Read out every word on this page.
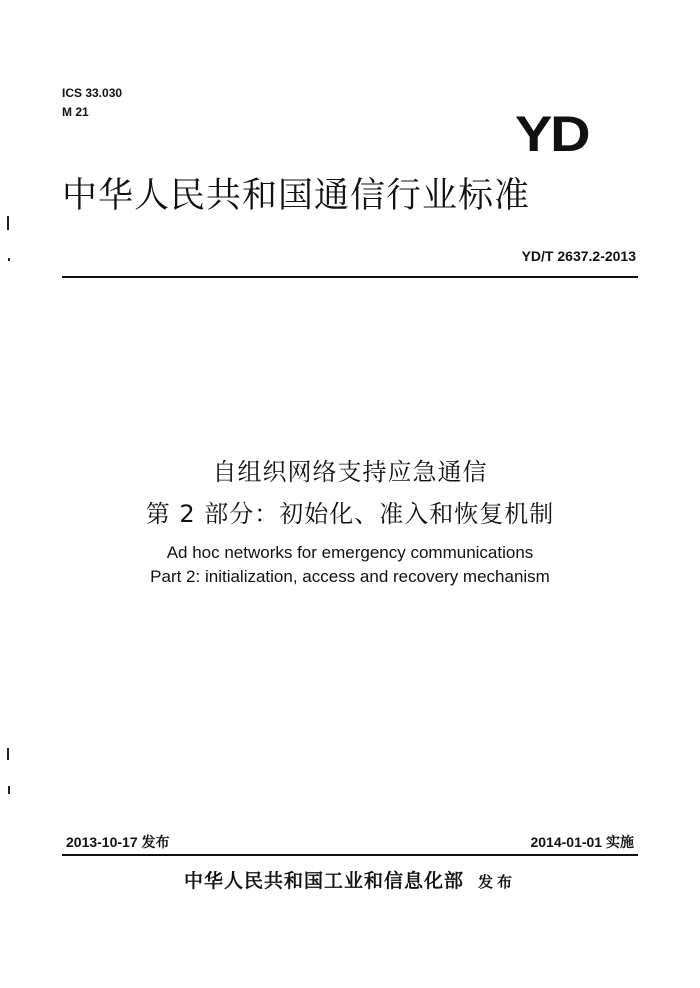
ICS 33.030
M 21	YD
中华人民共和国通信行业标准
YD/T 2637.2-2013
自组织网络支持应急通信
第 2 部分：初始化、准入和恢复机制
Ad hoc networks for emergency communications
Part 2: initialization, access and recovery mechanism
2013-10-17 发布	2014-01-01 实施
中华人民共和国工业和信息化部 发布
